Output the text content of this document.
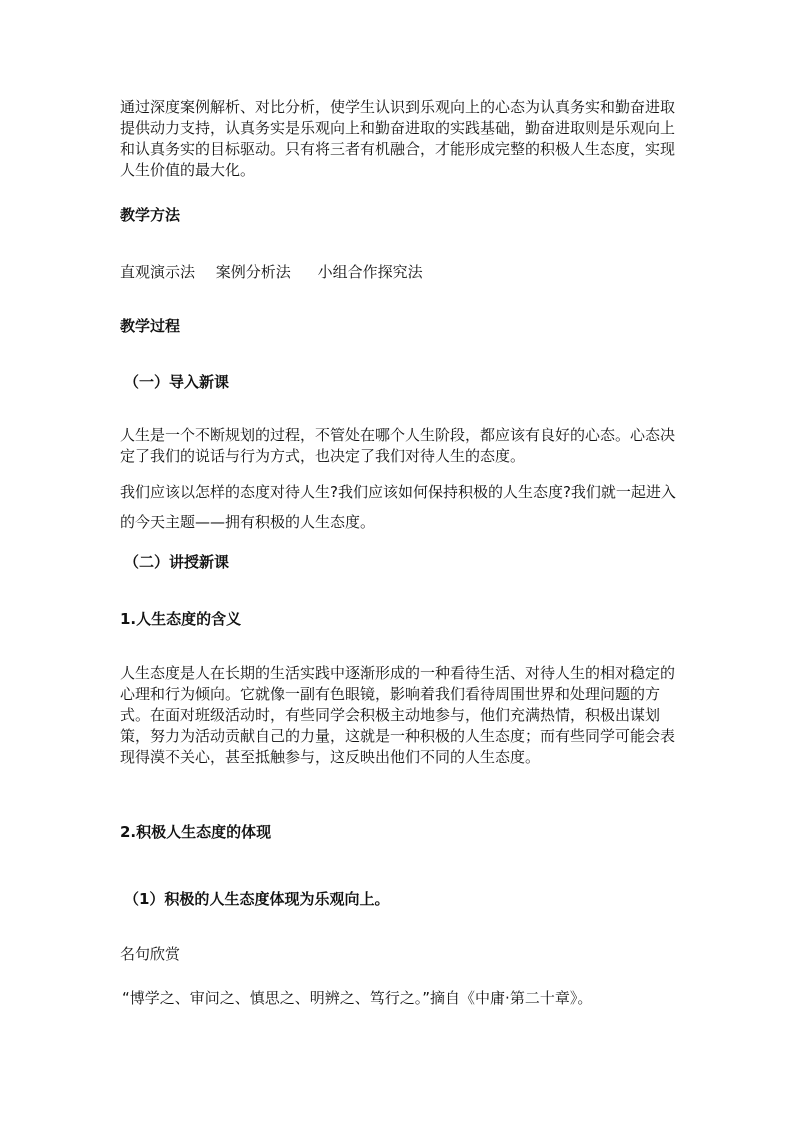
通过深度案例解析、对比分析，使学生认识到乐观向上的心态为认真务实和勤奋进取提供动力支持，认真务实是乐观向上和勤奋进取的实践基础，勤奋进取则是乐观向上和认真务实的目标驱动。只有将三者有机融合，才能形成完整的积极人生态度，实现人生价值的最大化。

教学方法
直观演示法 案例分析法 小组合作探究法
教学过程
（一）导入新课

人生是一个不断规划的过程，不管处在哪个人生阶段，都应该有良好的心态。心态决定了我们的说话与行为方式，也决定了我们对待人生的态度。

我们应该以怎样的态度对待人生?我们应该如何保持积极的人生态度?我们就一起进入的今天主题——拥有积极的人生态度。

（二）讲授新课
1.人生态度的含义

人生态度是人在长期的生活实践中逐渐形成的一种看待生活、对待人生的相对稳定的心理和行为倾向。它就像一副有色眼镜，影响着我们看待周围世界和处理问题的方式。在面对班级活动时，有些同学会积极主动地参与，他们充满热情，积极出谋划策，努力为活动贡献自己的力量，这就是一种积极的人生态度；而有些同学可能会表现得漠不关心，甚至抵触参与，这反映出他们不同的人生态度。

2.积极人生态度的体现
（1）积极的人生态度体现为乐观向上。
名句欣赏
“博学之、审问之、慎思之、明辨之、笃行之。”摘自《中庸·第二十章》。
